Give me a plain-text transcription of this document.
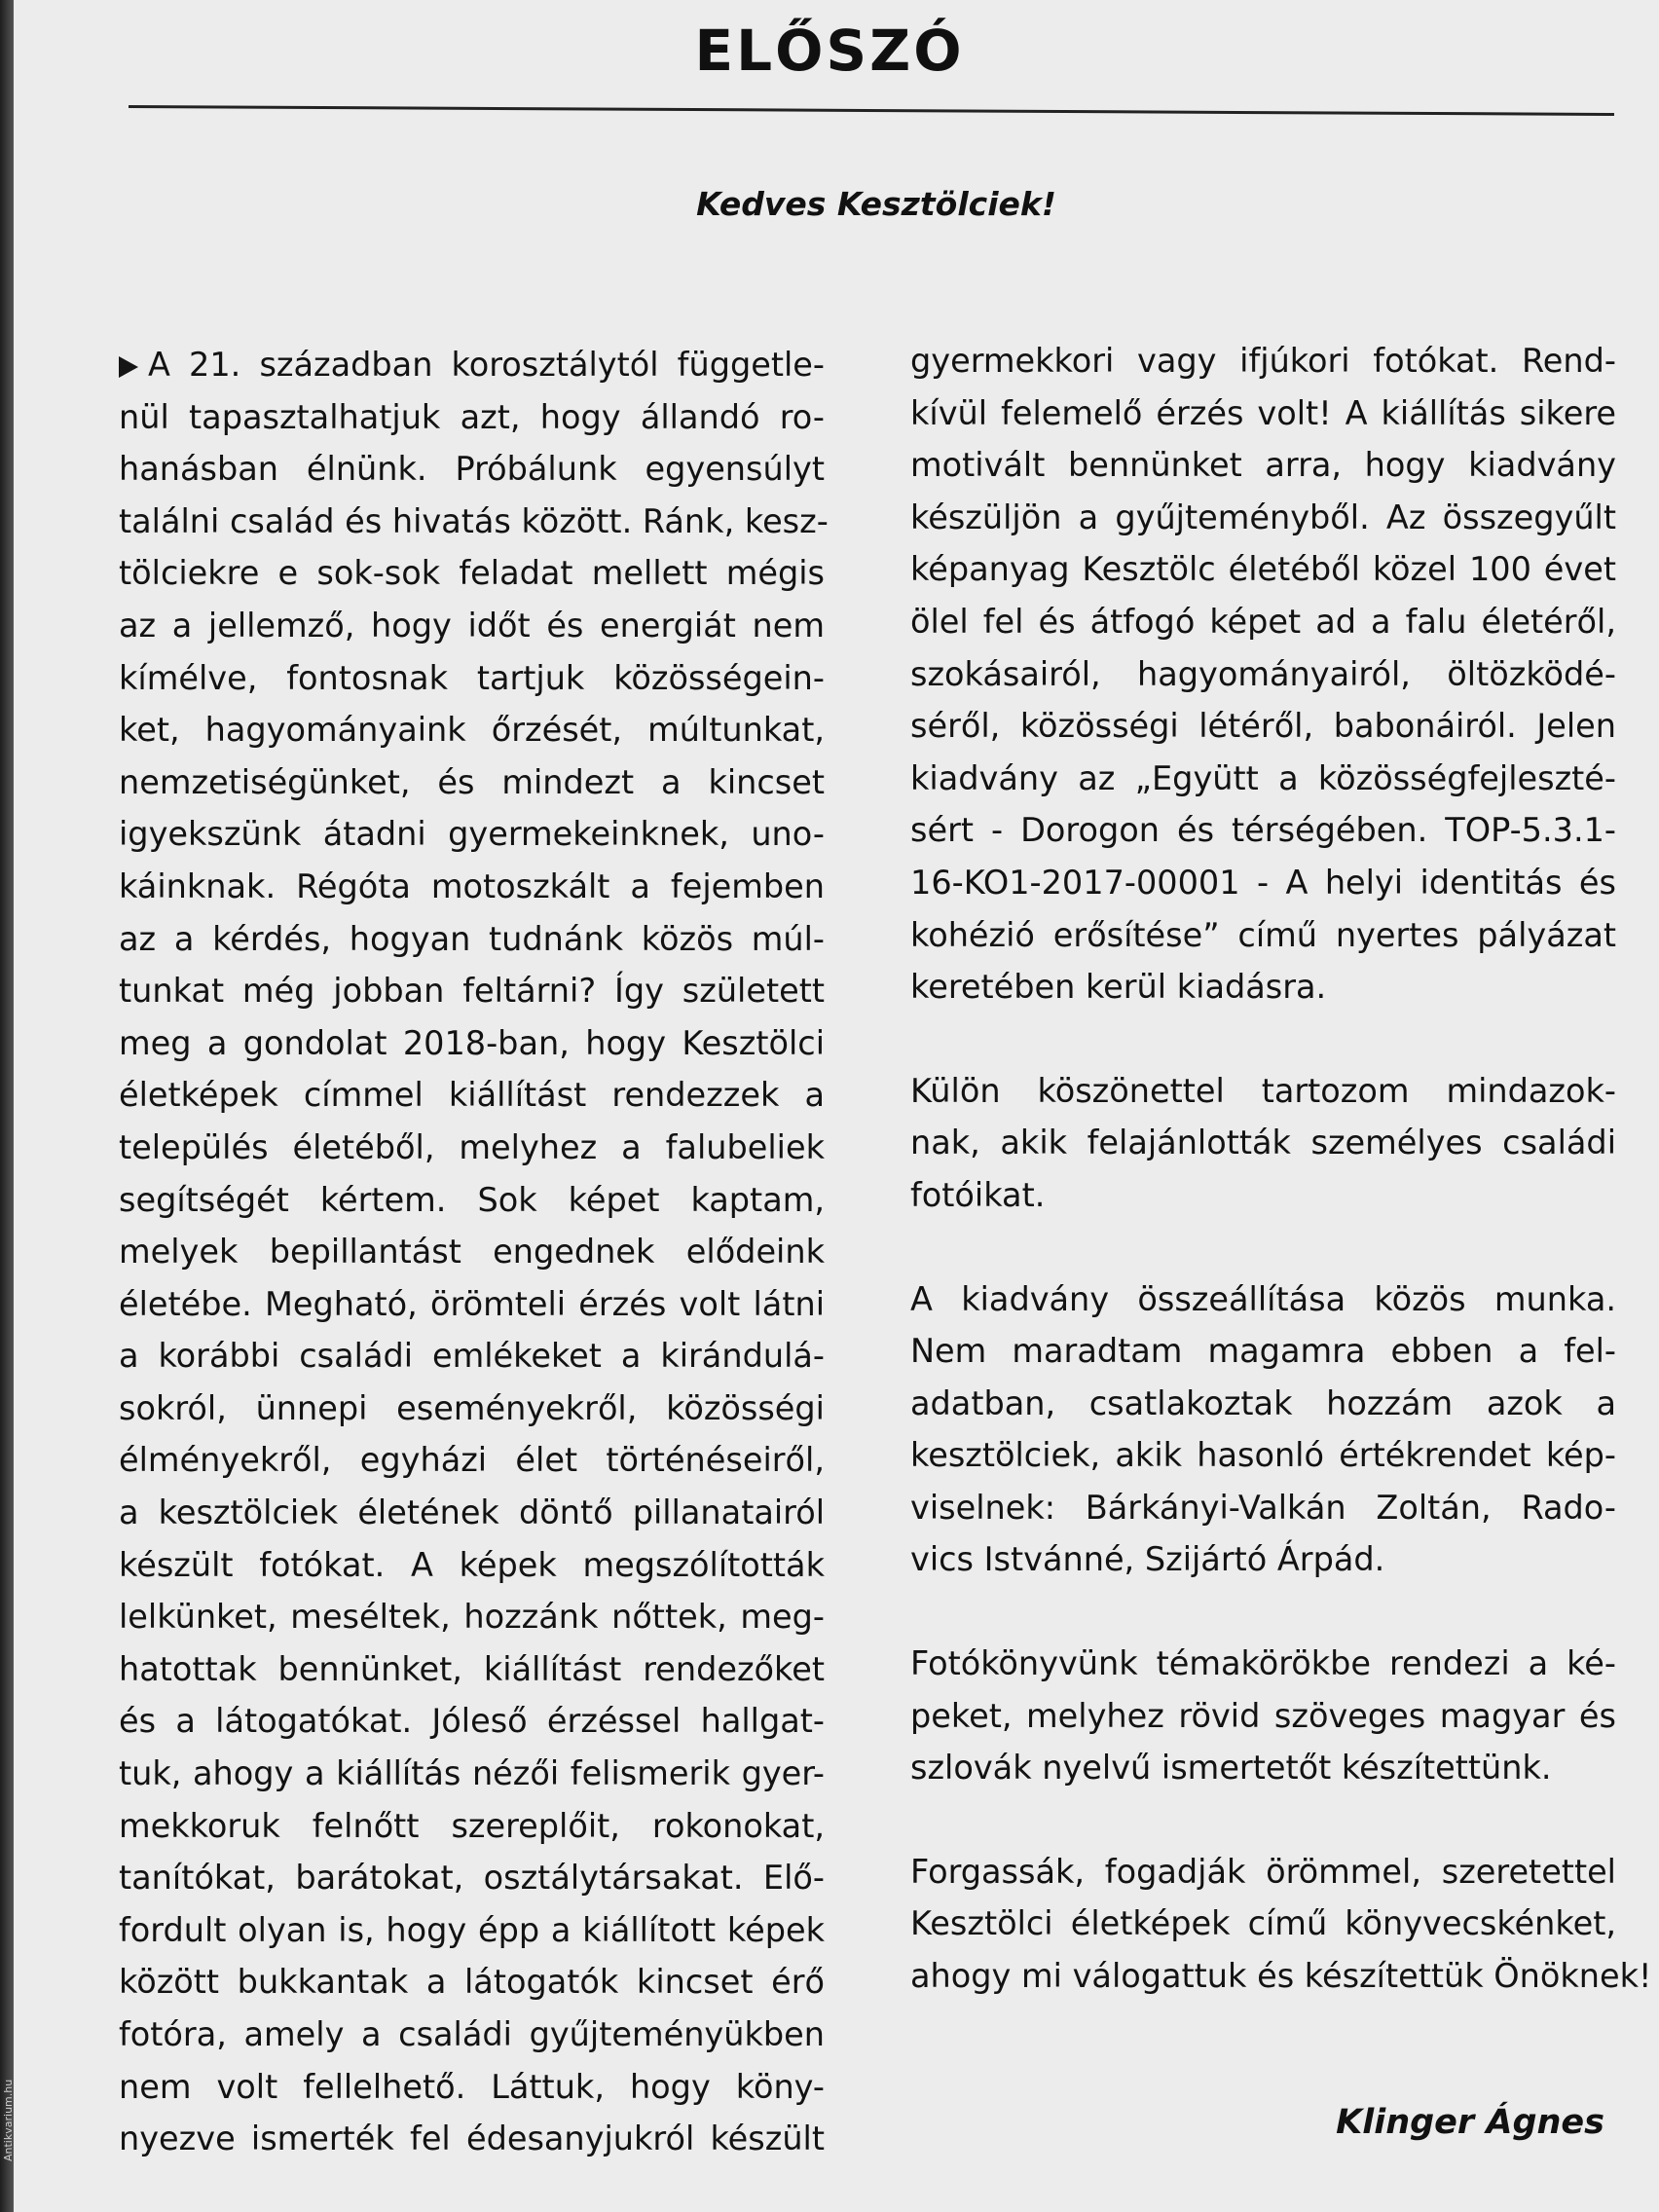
ELŐSZÓ

Kedves Kesztölciek!

A 21. században korosztálytól függetle-
nül tapasztalhatjuk azt, hogy állandó ro-
hanásban élnünk. Próbálunk egyensúlyt
találni család és hivatás között. Ránk, kesz-
tölciekre e sok-sok feladat mellett mégis
az a jellemző, hogy időt és energiát nem
kímélve, fontosnak tartjuk közösségein-
ket, hagyományaink őrzését, múltunkat,
nemzetiségünket, és mindezt a kincset
igyekszünk átadni gyermekeinknek, uno-
káinknak. Régóta motoszkált a fejemben
az a kérdés, hogyan tudnánk közös múl-
tunkat még jobban feltárni? Így született
meg a gondolat 2018-ban, hogy Kesztölci
életképek címmel kiállítást rendezzek a
település életéből, melyhez a falubeliek
segítségét kértem. Sok képet kaptam,
melyek bepillantást engednek elődeink
életébe. Megható, örömteli érzés volt látni
a korábbi családi emlékeket a kirándulá-
sokról, ünnepi eseményekről, közösségi
élményekről, egyházi élet történéseiről,
a kesztölciek életének döntő pillanatairól
készült fotókat. A képek megszólították
lelkünket, meséltek, hozzánk nőttek, meg-
hatottak bennünket, kiállítást rendezőket
és a látogatókat. Jóleső érzéssel hallgat-
tuk, ahogy a kiállítás nézői felismerik gyer-
mekkoruk felnőtt szereplőit, rokonokat,
tanítókat, barátokat, osztálytársakat. Elő-
fordult olyan is, hogy épp a kiállított képek
között bukkantak a látogatók kincset érő
fotóra, amely a családi gyűjteményükben
nem volt fellelhető. Láttuk, hogy köny-
nyezve ismerték fel édesanyjukról készült
gyermekkori vagy ifjúkori fotókat. Rend-
kívül felemelő érzés volt! A kiállítás sikere
motivált bennünket arra, hogy kiadvány
készüljön a gyűjteményből. Az összegyűlt
képanyag Kesztölc életéből közel 100 évet
ölel fel és átfogó képet ad a falu életéről,
szokásairól, hagyományairól, öltözködé-
séről, közösségi létéről, babonáiról. Jelen
kiadvány az „Együtt a közösségfejleszté-
sért - Dorogon és térségében. TOP-5.3.1-
16-KO1-2017-00001 - A helyi identitás és
kohézió erősítése” című nyertes pályázat
keretében kerül kiadásra.
Külön köszönettel tartozom mindazok-
nak, akik felajánlották személyes családi
fotóikat.
A kiadvány összeállítása közös munka.
Nem maradtam magamra ebben a fel-
adatban, csatlakoztak hozzám azok a
kesztölciek, akik hasonló értékrendet kép-
viselnek: Bárkányi-Valkán Zoltán, Rado-
vics Istvánné, Szijártó Árpád.
Fotókönyvünk témakörökbe rendezi a ké-
peket, melyhez rövid szöveges magyar és
szlovák nyelvű ismertetőt készítettünk.
Forgassák, fogadják örömmel, szeretettel
Kesztölci életképek című könyvecskénket,
ahogy mi válogattuk és készítettük Önöknek!

Klinger Ágnes

Antikvarium.hu
